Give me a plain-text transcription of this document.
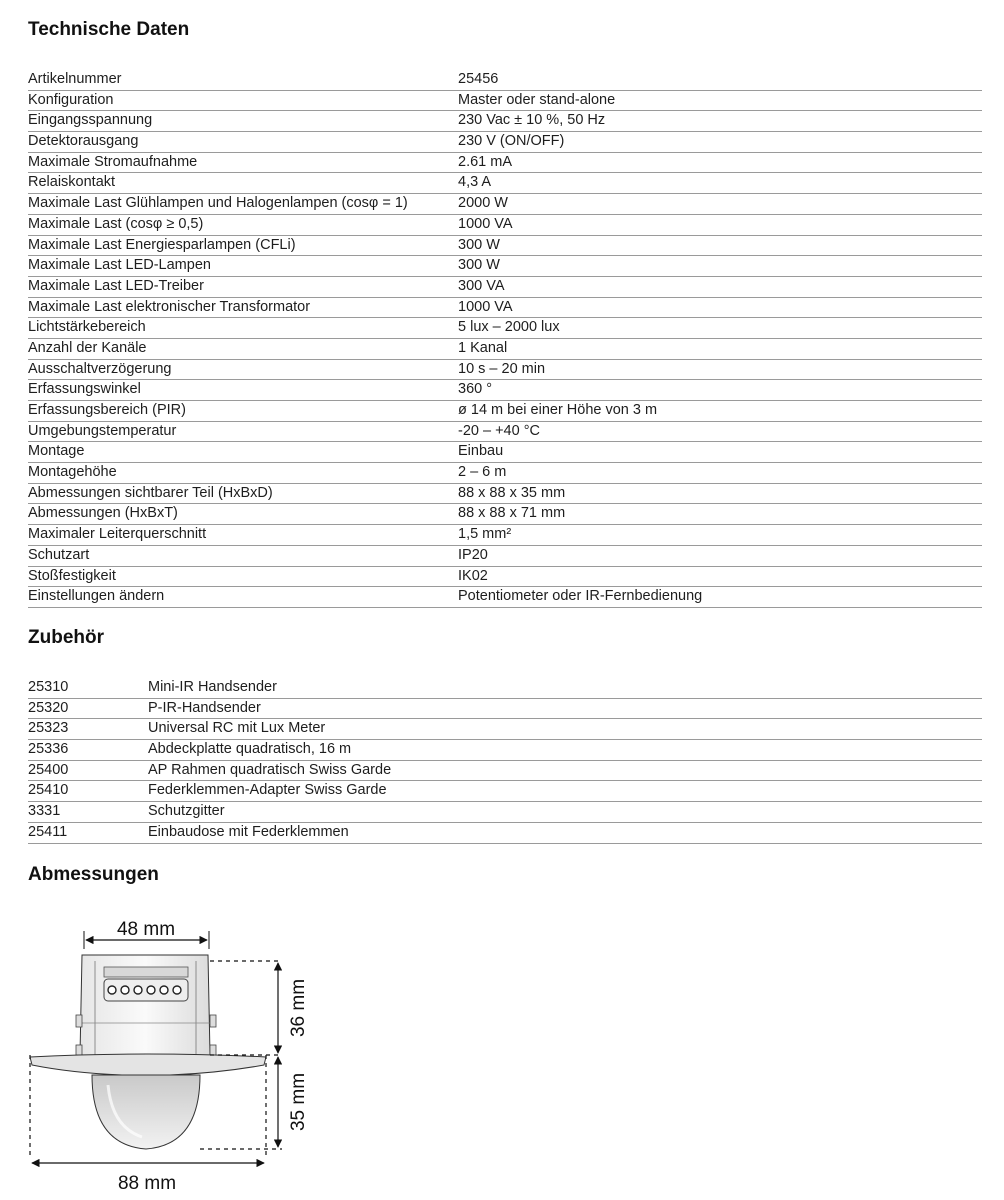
Technische Daten
Artikelnummer	25456
Konfiguration	Master oder stand-alone
Eingangsspannung	230 Vac ± 10 %, 50 Hz
Detektorausgang	230 V (ON/OFF)
Maximale Stromaufnahme	2.61 mA
Relaiskontakt	4,3 A
Maximale Last Glühlampen und Halogenlampen (cosφ = 1)	2000 W
Maximale Last (cosφ ≥ 0,5)	1000 VA
Maximale Last Energiesparlampen (CFLi)	300 W
Maximale Last LED-Lampen	300 W
Maximale Last LED-Treiber	300 VA
Maximale Last elektronischer Transformator	1000 VA
Lichtstärkebereich	5 lux – 2000 lux
Anzahl der Kanäle	1 Kanal
Ausschaltverzögerung	10 s – 20 min
Erfassungswinkel	360 °
Erfassungsbereich (PIR)	ø 14 m bei einer Höhe von 3 m
Umgebungstemperatur	-20 – +40 °C
Montage	Einbau
Montagehöhe	2 – 6 m
Abmessungen sichtbarer Teil (HxBxD)	88 x 88 x 35 mm
Abmessungen (HxBxT)	88 x 88 x 71 mm
Maximaler Leiterquerschnitt	1,5 mm²
Schutzart	IP20
Stoßfestigkeit	IK02
Einstellungen ändern	Potentiometer oder IR-Fernbedienung
Zubehör
25310	Mini-IR Handsender
25320	P-IR-Handsender
25323	Universal RC mit Lux Meter
25336	Abdeckplatte quadratisch, 16 m
25400	AP Rahmen quadratisch Swiss Garde
25410	Federklemmen-Adapter Swiss Garde
3331	Schutzgitter
25411	Einbaudose mit Federklemmen
Abmessungen
48 mm
36 mm
35 mm
88 mm
